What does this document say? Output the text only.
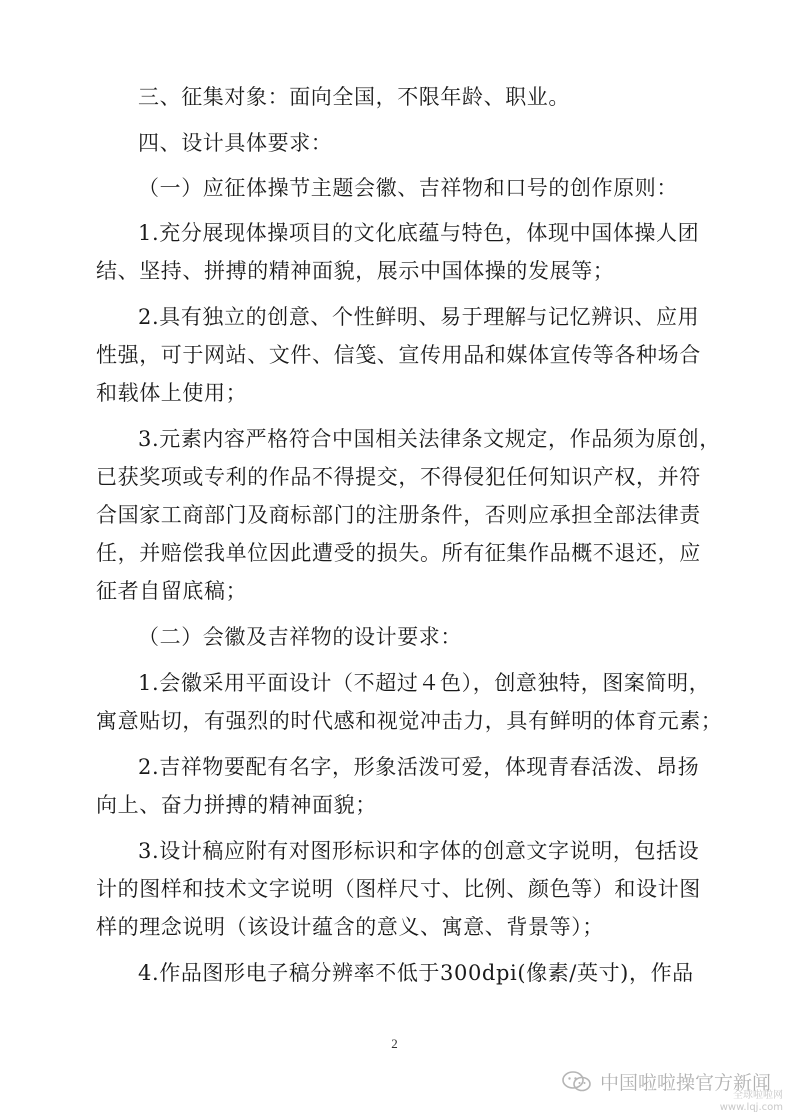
三、征集对象：面向全国，不限年龄、职业。
四、设计具体要求：
（一）应征体操节主题会徽、吉祥物和口号的创作原则：
1.充分展现体操项目的文化底蕴与特色，体现中国体操人团
结、坚持、拼搏的精神面貌，展示中国体操的发展等；
2.具有独立的创意、个性鲜明、易于理解与记忆辨识、应用
性强，可于网站、文件、信笺、宣传用品和媒体宣传等各种场合
和载体上使用；
3.元素内容严格符合中国相关法律条文规定，作品须为原创，
已获奖项或专利的作品不得提交，不得侵犯任何知识产权，并符
合国家工商部门及商标部门的注册条件，否则应承担全部法律责
任，并赔偿我单位因此遭受的损失。所有征集作品概不退还，应
征者自留底稿；
（二）会徽及吉祥物的设计要求：
1.会徽采用平面设计（不超过４色），创意独特，图案简明，
寓意贴切，有强烈的时代感和视觉冲击力，具有鲜明的体育元素；
2.吉祥物要配有名字，形象活泼可爱，体现青春活泼、昂扬
向上、奋力拼搏的精神面貌；
3.设计稿应附有对图形标识和字体的创意文字说明，包括设
计的图样和技术文字说明（图样尺寸、比例、颜色等）和设计图
样的理念说明（该设计蕴含的意义、寓意、背景等）；
4.作品图形电子稿分辨率不低于300dpi(像素/英寸)，作品
2
中国啦啦操官方新闻
全球啦啦网
www.lqj.com
